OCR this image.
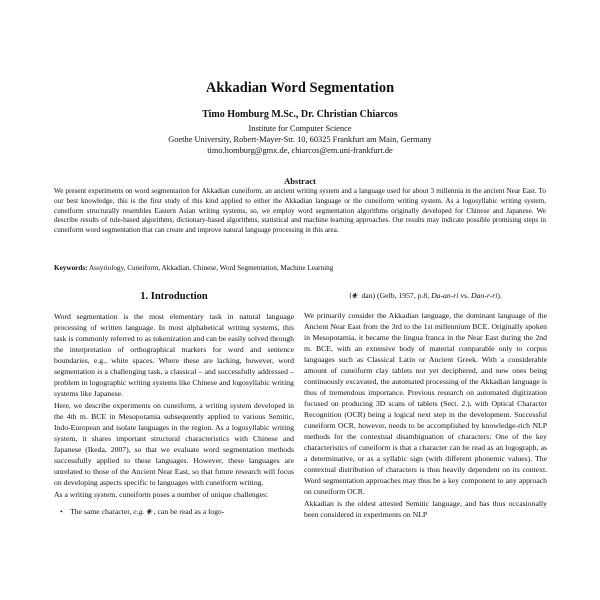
Akkadian Word Segmentation
Timo Homburg M.Sc., Dr. Christian Chiarcos
Institute for Computer Science
Goethe University, Robert-Mayer-Str. 10, 60325 Frankfurt am Main, Germany
timo.homburg@gmx.de, chiarcos@em.uni-frankfurt.de
Abstract
We present experiments on word segmentation for Akkadian cuneiform, an ancient writing system and a language used for about 3 millennia in the ancient Near East. To our best knowledge, this is the first study of this kind applied to either the Akkadian language or the cuneiform writing system. As a logosyllabic writing system, cuneiform structurally resembles Eastern Asian writing systems, so, we employ word segmentation algorithms originally developed for Chinese and Japanese. We describe results of rule-based algorithms, dictionary-based algorithms, statistical and machine learning approaches. Our results may indicate possible promising steps in cuneiform word segmentation that can create and improve natural language processing in this area.
Keywords: Assyriology, Cuneiform, Akkadian, Chinese, Word Segmentation, Machine Learning
1. Introduction
Word segmentation is the most elementary task in natural language processing of written language. In most alphabetical writing systems, this task is commonly referred to as tokenization and can be easily solved through the interpretation of orthographical markers for word and sentence boundaries, e.g., white spaces. Where these are lacking, however, word segmentation is a challenging task, a classical – and successfully addressed – problem in logographic writing systems like Chinese and logosyllabic writing systems like Japanese.
Here, we describe experiments on cuneiform, a writing system developed in the 4th m. BCE in Mesopotamia subsequently applied to various Semitic, Indo-European and isolate languages in the region. As a logosyllabic writing system, it shares important structural characteristics with Chinese and Japanese (Ikeda, 2007), so that we evaluate word segmentation methods successfully applied to these languages. However, these languages are unrelated to those of the Ancient Near East, so that future research will focus on developing aspects specific to languages with cuneiform writing.
As a writing system, cuneiform poses a number of unique challenges:
• The same character, e.g. 𒀭, can be read as a logo-
(𒀭 dan) (Gelb, 1957, p.8, Da-an-ri vs. Dan-r-ri).
We primarily consider the Akkadian language, the dominant language of the Ancient Near East from the 3rd to the 1st millennium BCE. Originally spoken in Mesopotamia, it became the lingua franca in the Near East during the 2nd m. BCE, with an extensive body of material comparable only to corpus languages such as Classical Latin or Ancient Greek. With a considerable amount of cuneiform clay tablets not yet deciphered, and new ones being continuously excavated, the automated processing of the Akkadian language is thus of tremendous importance. Previous research on automated digitization focused on producing 3D scans of tablets (Sect. 2.), with Optical Character Recognition (OCR) being a logical next step in the development. Successful cuneiform OCR, however, needs to be accomplished by knowledge-rich NLP methods for the contextual disambiguation of characters: One of the key characteristics of cuneiform is that a character can be read as an logograph, as a determinative, or as a syllabic sign (with different phonemic values). The contextual distribution of characters is thus heavily dependent on its context. Word segmentation approaches may thus be a key component to any approach on cuneiform OCR.
Akkadian is the oldest attested Semitic language, and has thus occasionally been considered in experiments on NLP
